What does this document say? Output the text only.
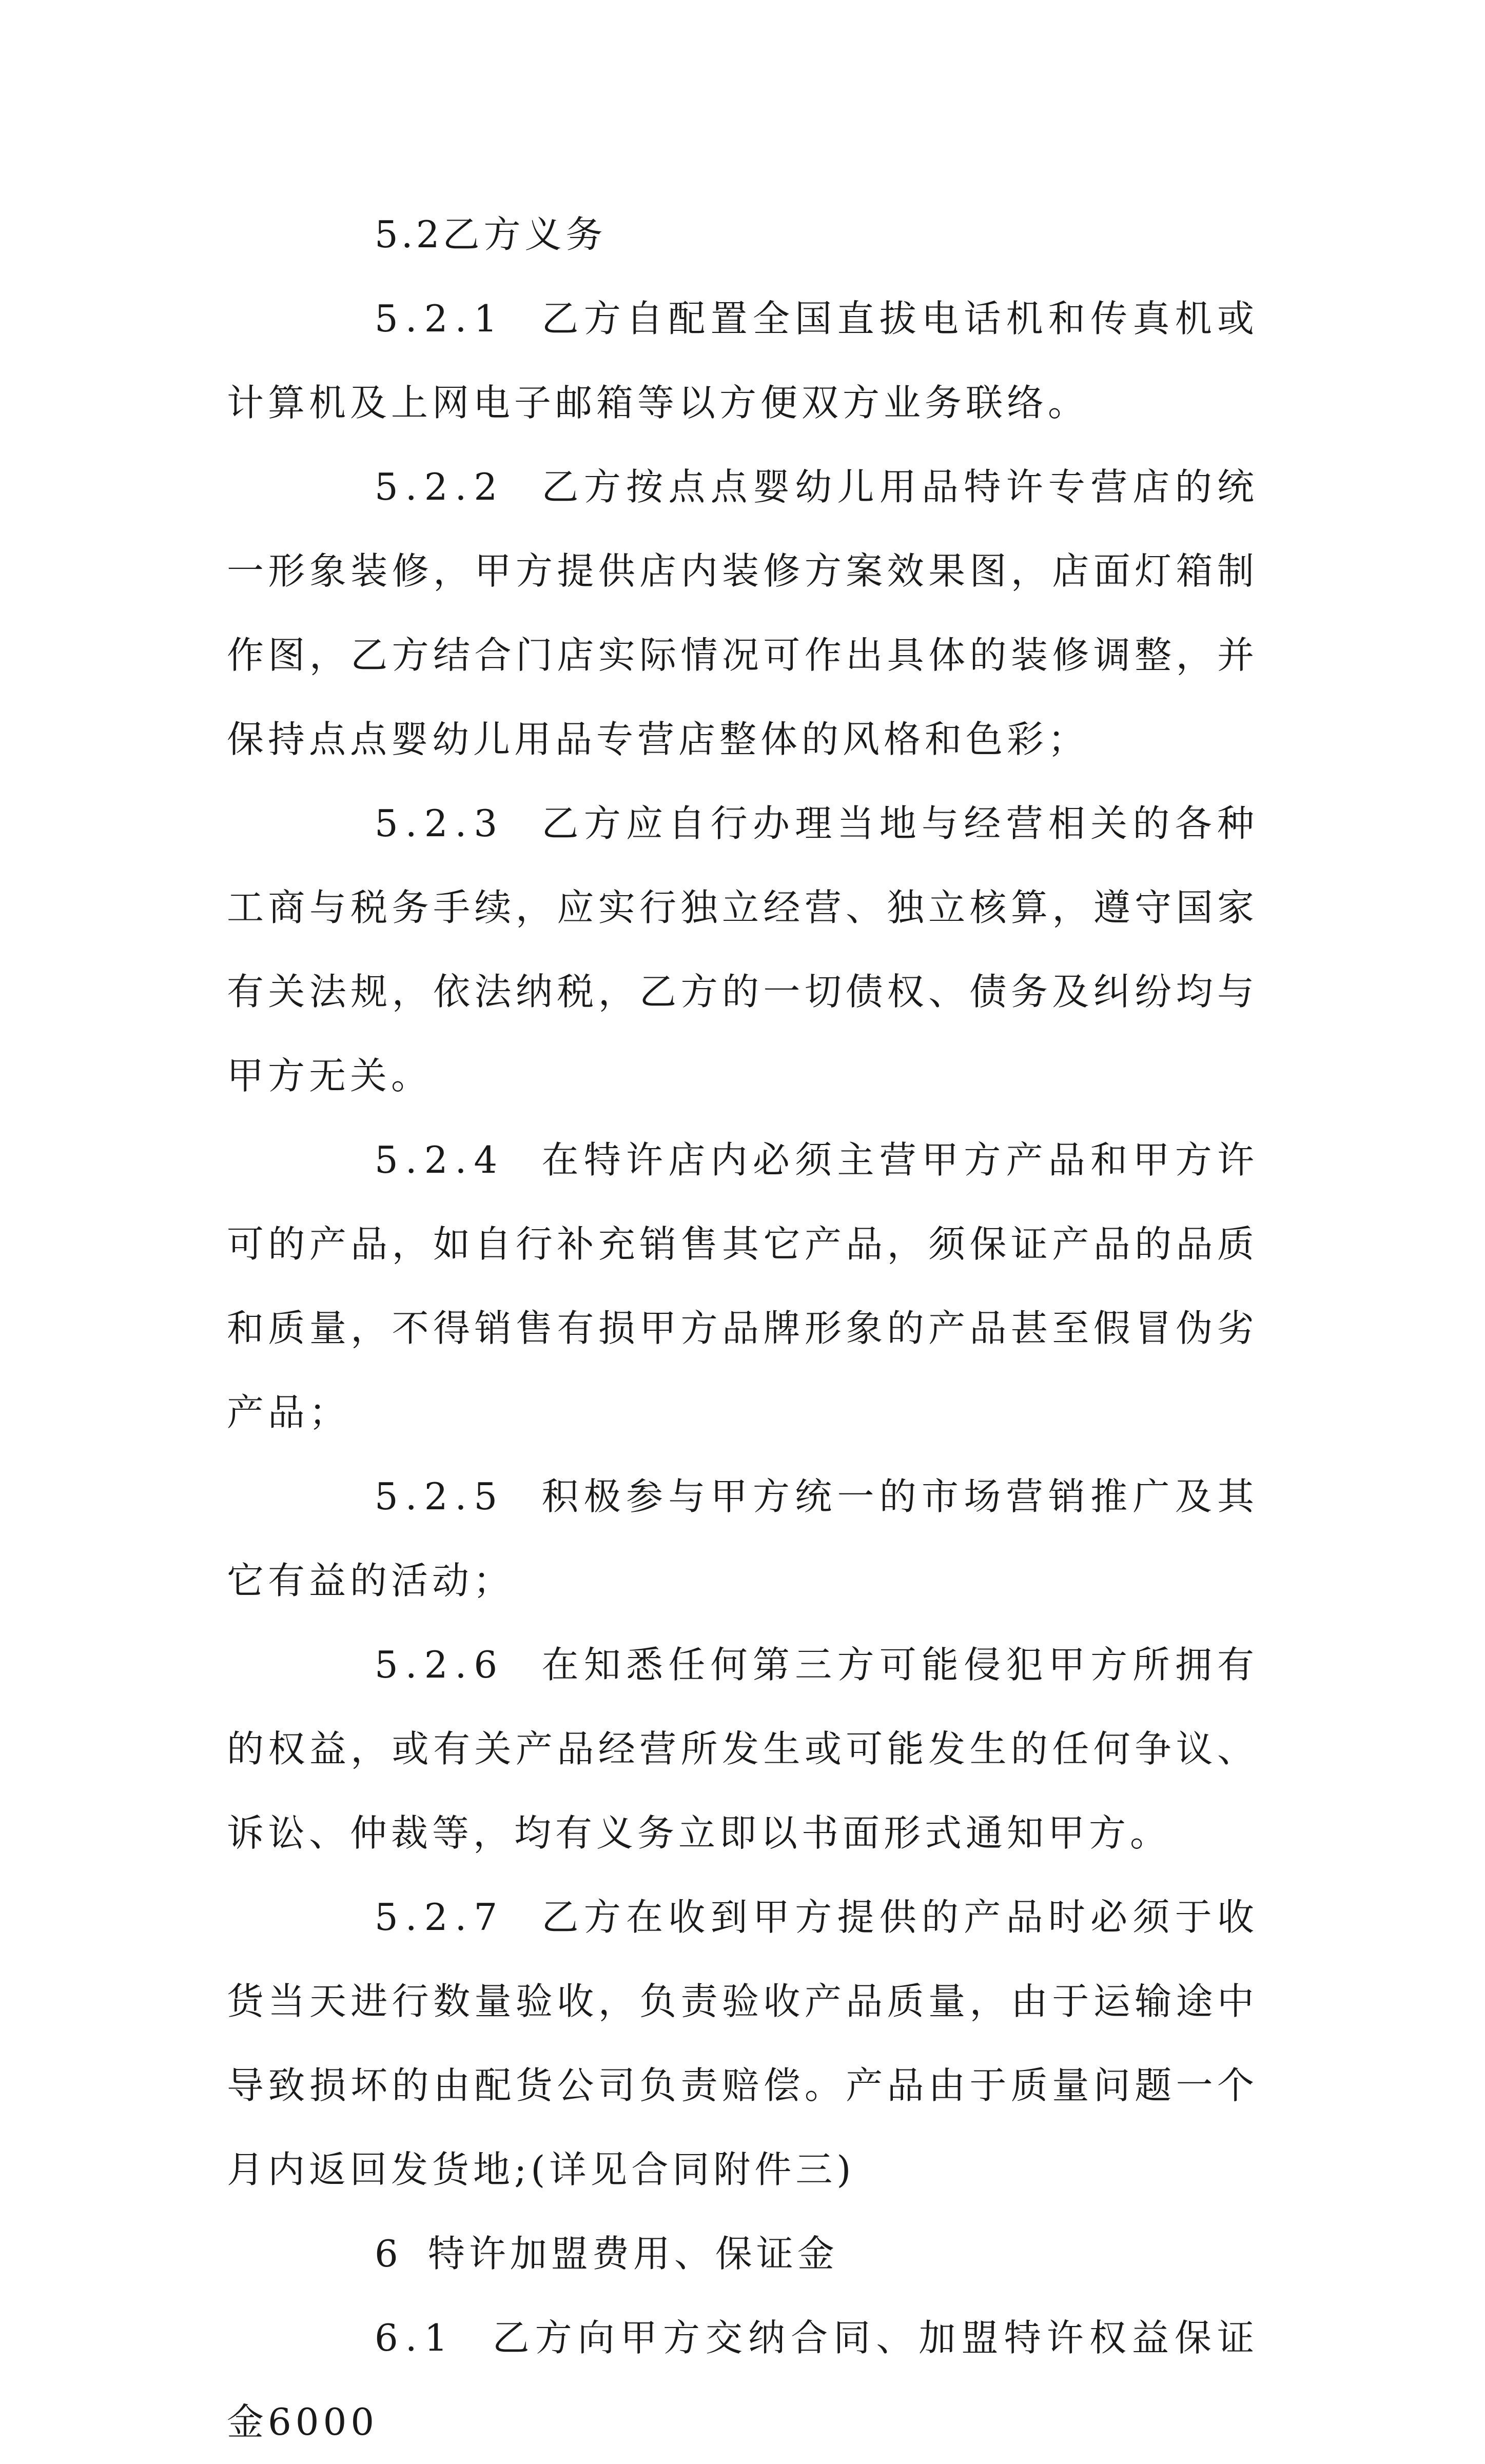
5.2乙方义务

5.2.1 乙方自配置全国直拔电话机和传真机或计算机及上网电子邮箱等以方便双方业务联络。

5.2.2 乙方按点点婴幼儿用品特许专营店的统一形象装修，甲方提供店内装修方案效果图，店面灯箱制作图，乙方结合门店实际情况可作出具体的装修调整，并保持点点婴幼儿用品专营店整体的风格和色彩；

5.2.3 乙方应自行办理当地与经营相关的各种工商与税务手续，应实行独立经营、独立核算，遵守国家有关法规，依法纳税，乙方的一切债权、债务及纠纷均与甲方无关。

5.2.4 在特许店内必须主营甲方产品和甲方许可的产品，如自行补充销售其它产品，须保证产品的品质和质量，不得销售有损甲方品牌形象的产品甚至假冒伪劣产品；

5.2.5 积极参与甲方统一的市场营销推广及其它有益的活动；

5.2.6 在知悉任何第三方可能侵犯甲方所拥有的权益，或有关产品经营所发生或可能发生的任何争议、诉讼、仲裁等，均有义务立即以书面形式通知甲方。

5.2.7 乙方在收到甲方提供的产品时必须于收货当天进行数量验收，负责验收产品质量，由于运输途中导致损坏的由配货公司负责赔偿。产品由于质量问题一个月内返回发货地;(详见合同附件三)

6 特许加盟费用、保证金

6.1 乙方向甲方交纳合同、加盟特许权益保证金6000
